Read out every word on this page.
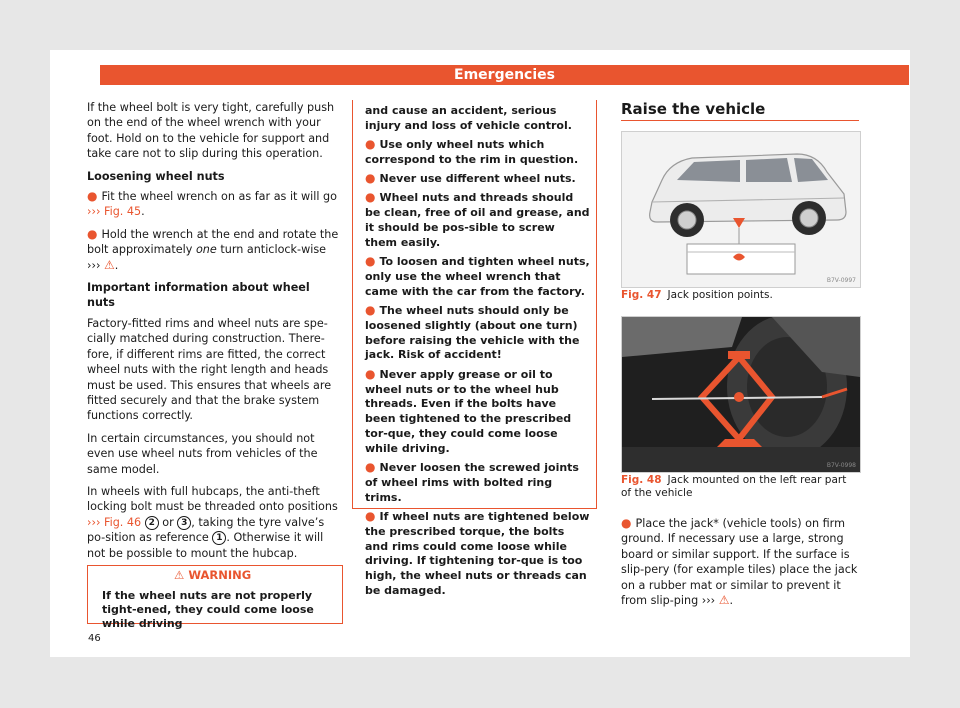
Emergencies

If the wheel bolt is very tight, carefully push on the end of the wheel wrench with your foot. Hold on to the vehicle for support and take care not to slip during this operation.

Loosening wheel nuts

● Fit the wheel wrench on as far as it will go ››› Fig. 45.

● Hold the wrench at the end and rotate the bolt approximately one turn anticlock-wise ››› ⚠.

Important information about wheel nuts

Factory-fitted rims and wheel nuts are spe-cially matched during construction. There-fore, if different rims are fitted, the correct wheel nuts with the right length and heads must be used. This ensures that wheels are fitted securely and that the brake system functions correctly.

In certain circumstances, you should not even use wheel nuts from vehicles of the same model.

In wheels with full hubcaps, the anti-theft locking bolt must be threaded onto positions ››› Fig. 46 2 or 3 , taking the tyre valve’s po-sition as reference 1 . Otherwise it will not be possible to mount the hubcap.

⚠ WARNING
If the wheel nuts are not properly tight-ened, they could come loose while driving

and cause an accident, serious injury and loss of vehicle control.

● Use only wheel nuts which correspond to the rim in question.

● Never use different wheel nuts.

● Wheel nuts and threads should be clean, free of oil and grease, and it should be pos-sible to screw them easily.

● To loosen and tighten wheel nuts, only use the wheel wrench that came with the car from the factory.

● The wheel nuts should only be loosened slightly (about one turn) before raising the vehicle with the jack. Risk of accident!

● Never apply grease or oil to wheel nuts or to the wheel hub threads. Even if the bolts have been tightened to the prescribed tor-que, they could come loose while driving.

● Never loosen the screwed joints of wheel rims with bolted ring trims.

● If wheel nuts are tightened below the prescribed torque, the bolts and rims could come loose while driving. If tightening tor-que is too high, the wheel nuts or threads can be damaged.

Raise the vehicle
B7V-0997
Fig. 47 Jack position points.
B7V-0998
Fig. 48 Jack mounted on the left rear part of the vehicle
● Place the jack* (vehicle tools) on firm ground. If necessary use a large, strong board or similar support. If the surface is slip-pery (for example tiles) place the jack on a rubber mat or similar to prevent it from slip-ping ››› ⚠.
46
